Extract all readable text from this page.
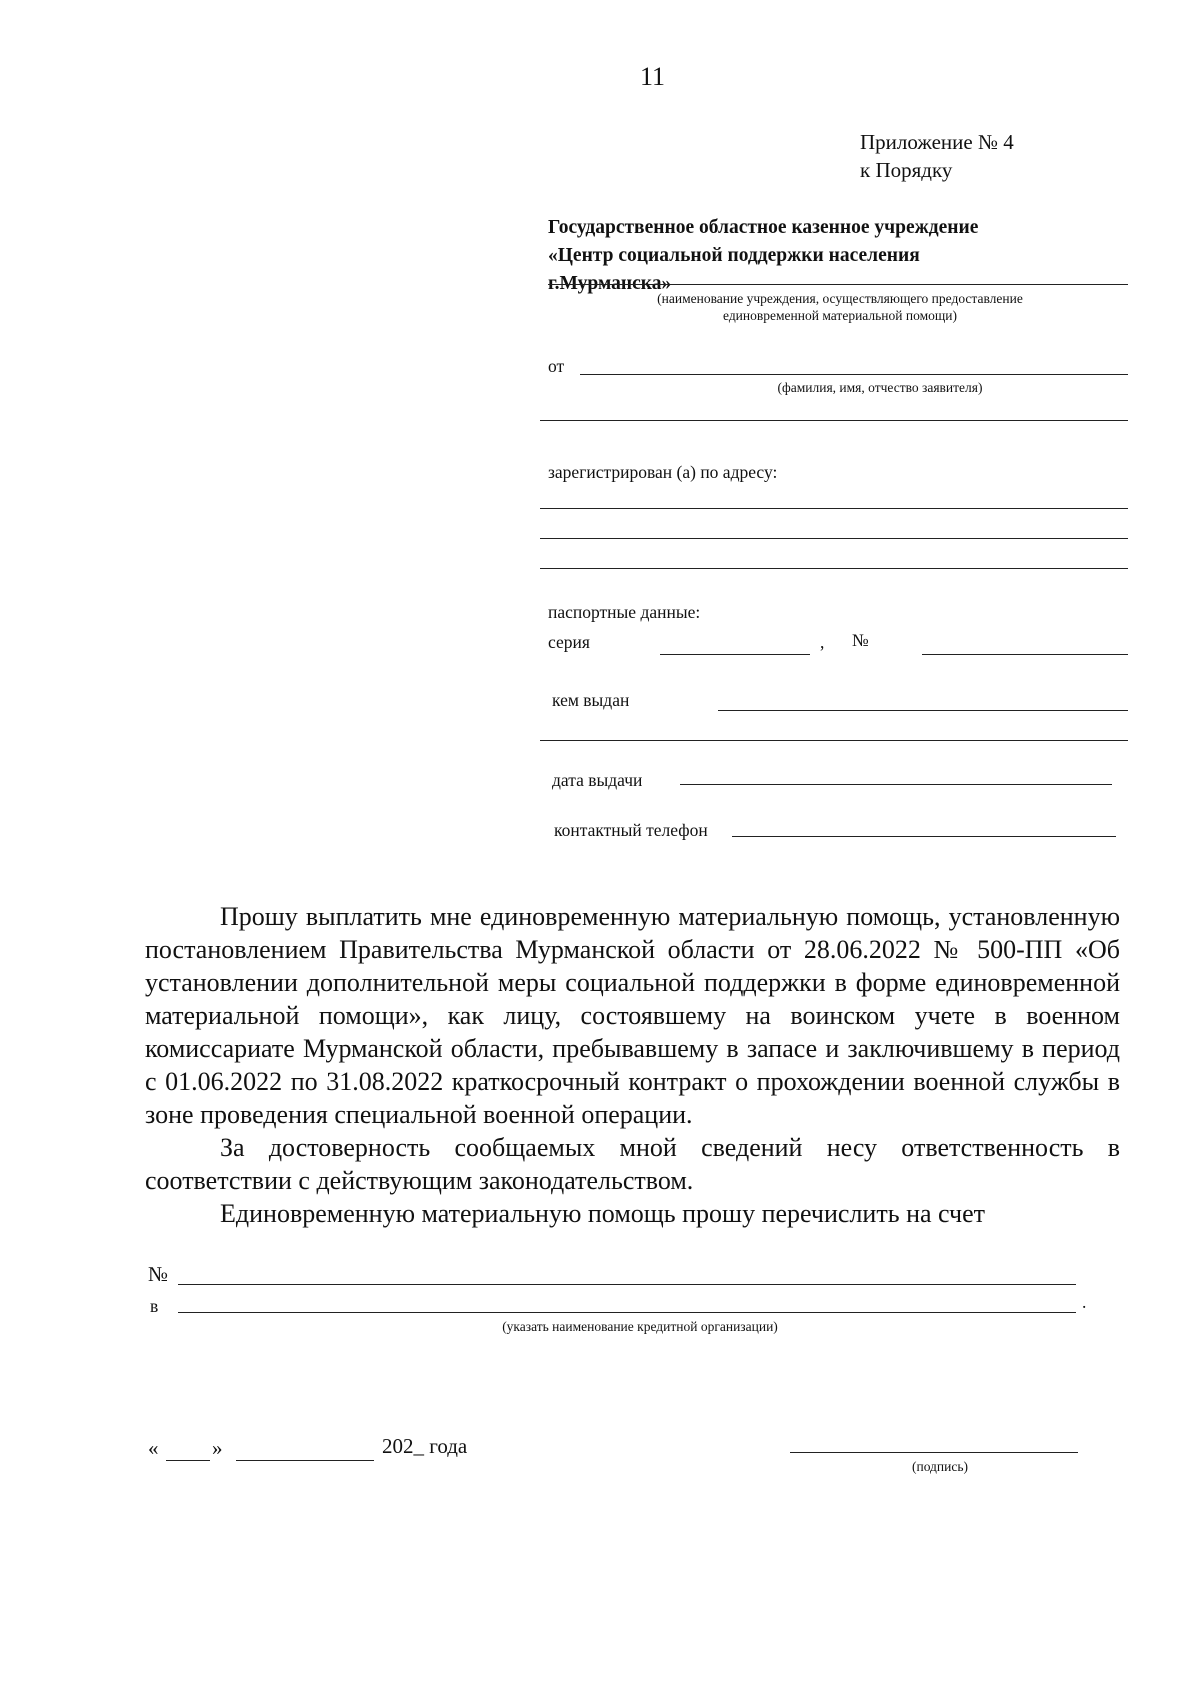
11
Приложение № 4
к Порядку
Государственное областное казенное учреждение
«Центр социальной поддержки населения
г.Мурманска»
(наименование учреждения, осуществляющего предоставление
единовременной материальной помощи)
от
(фамилия, имя, отчество заявителя)
зарегистрирован (а) по адресу:
паспортные данные:
серия	, №
кем выдан
дата выдачи
контактный телефон

Прошу выплатить мне единовременную материальную помощь, установленную постановлением Правительства Мурманской области от 28.06.2022 № 500-ПП «Об установлении дополнительной меры социальной поддержки в форме единовременной материальной помощи», как лицу, состоявшему на воинском учете в военном комиссариате Мурманской области, пребывавшему в запасе и заключившему в период с 01.06.2022 по 31.08.2022 краткосрочный контракт о прохождении военной службы в зоне проведения специальной военной операции.

За достоверность сообщаемых мной сведений несу ответственность в соответствии с действующим законодательством.

Единовременную материальную помощь прошу перечислить на счет

№
в	.
(указать наименование кредитной организации)
«	»	202_ года
(подпись)
